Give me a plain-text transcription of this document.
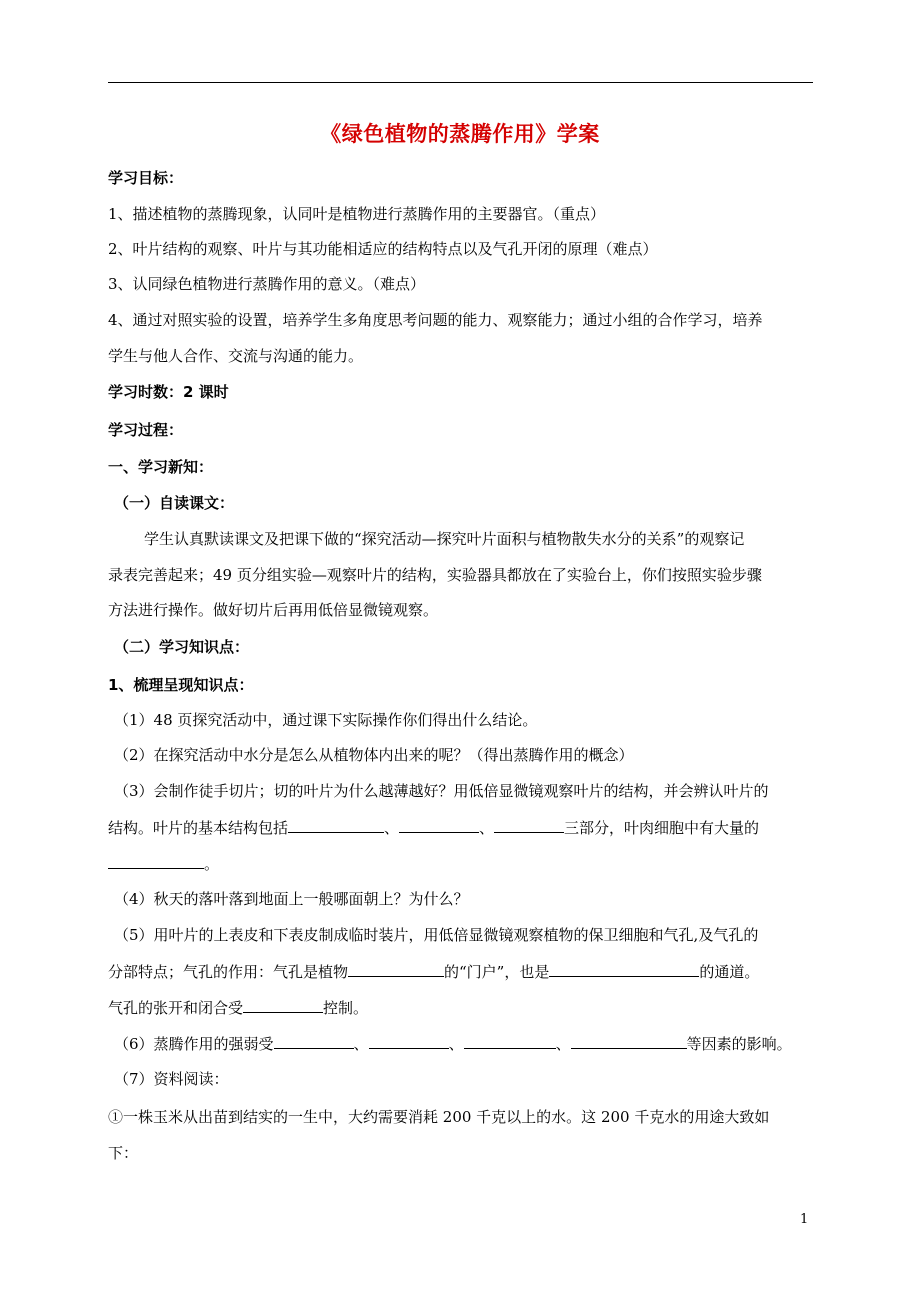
《绿色植物的蒸腾作用》学案
学习目标：
1、描述植物的蒸腾现象，认同叶是植物进行蒸腾作用的主要器官。（重点）
2、叶片结构的观察、叶片与其功能相适应的结构特点以及气孔开闭的原理（难点）
3、认同绿色植物进行蒸腾作用的意义。（难点）
4、通过对照实验的设置，培养学生多角度思考问题的能力、观察能力；通过小组的合作学习，培养
学生与他人合作、交流与沟通的能力。
学习时数：2 课时
学习过程：
一、学习新知：
（一）自读课文：
学生认真默读课文及把课下做的“探究活动—探究叶片面积与植物散失水分的关系”的观察记
录表完善起来；49 页分组实验—观察叶片的结构，实验器具都放在了实验台上，你们按照实验步骤
方法进行操作。做好切片后再用低倍显微镜观察。
（二）学习知识点：
1、梳理呈现知识点：
（1）48 页探究活动中，通过课下实际操作你们得出什么结论。
（2）在探究活动中水分是怎么从植物体内出来的呢？（得出蒸腾作用的概念）
（3）会制作徒手切片；切的叶片为什么越薄越好？用低倍显微镜观察叶片的结构，并会辨认叶片的
结构。叶片的基本结构包括	、	、	三部分，叶肉细胞中有大量的
。
（4）秋天的落叶落到地面上一般哪面朝上？为什么？
（5）用叶片的上表皮和下表皮制成临时装片，用低倍显微镜观察植物的保卫细胞和气孔,及气孔的
分部特点；气孔的作用：气孔是植物	的“门户”，也是	的通道。
气孔的张开和闭合受	控制。
（6）蒸腾作用的强弱受	、	、	、	等因素的影响。
（7）资料阅读：
①一株玉米从出苗到结实的一生中，大约需要消耗 200 千克以上的水。这 200 千克水的用途大致如
下：
1
